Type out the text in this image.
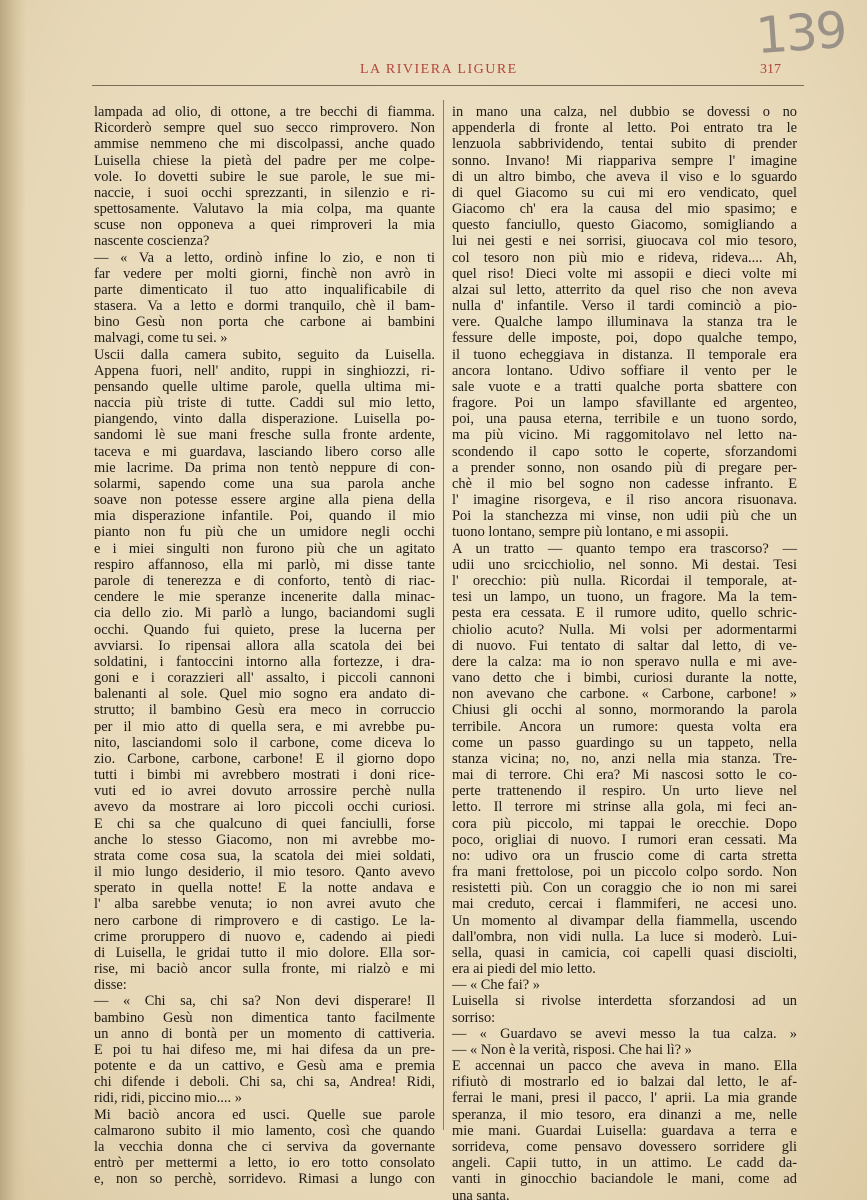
139
LA RIVIERA LIGURE	317
lampada ad olio, di ottone, a tre becchi di fiamma.
Ricorderò sempre quel suo secco rimprovero. Non
ammise nemmeno che mi discolpassi, anche quado
Luisella chiese la pietà del padre per me colpe-
vole. Io dovetti subire le sue parole, le sue mi-
naccie, i suoi occhi sprezzanti, in silenzio e ri-
spettosamente. Valutavo la mia colpa, ma quante
scuse non opponeva a quei rimproveri la mia
nascente coscienza?
— « Va a letto, ordinò infine lo zio, e non ti
far vedere per molti giorni, finchè non avrò in
parte dimenticato il tuo atto inqualificabile di
stasera. Va a letto e dormi tranquilo, chè il bam-
bino Gesù non porta che carbone ai bambini
malvagi, come tu sei. »
Uscii dalla camera subito, seguito da Luisella.
Appena fuori, nell' andito, ruppi in singhiozzi, ri-
pensando quelle ultime parole, quella ultima mi-
naccia più triste di tutte. Caddi sul mio letto,
piangendo, vinto dalla disperazione. Luisella po-
sandomi lè sue mani fresche sulla fronte ardente,
taceva e mi guardava, lasciando libero corso alle
mie lacrime. Da prima non tentò neppure di con-
solarmi, sapendo come una sua parola anche
soave non potesse essere argine alla piena della
mia disperazione infantile. Poi, quando il mio
pianto non fu più che un umidore negli occhi
e i miei singulti non furono più che un agitato
respiro affannoso, ella mi parlò, mi disse tante
parole di tenerezza e di conforto, tentò di riac-
cendere le mie speranze incenerite dalla minac-
cia dello zio. Mi parlò a lungo, baciandomi sugli
occhi. Quando fui quieto, prese la lucerna per
avviarsi. Io ripensai allora alla scatola dei bei
soldatini, i fantoccini intorno alla fortezze, i dra-
goni e i corazzieri all' assalto, i piccoli cannoni
balenanti al sole. Quel mio sogno era andato di-
strutto; il bambino Gesù era meco in corruccio
per il mio atto di quella sera, e mi avrebbe pu-
nito, lasciandomi solo il carbone, come diceva lo
zio. Carbone, carbone, carbone! E il giorno dopo
tutti i bimbi mi avrebbero mostrati i doni rice-
vuti ed io avrei dovuto arrossire perchè nulla
avevo da mostrare ai loro piccoli occhi curiosi.
E chi sa che qualcuno di quei fanciulli, forse
anche lo stesso Giacomo, non mi avrebbe mo-
strata come cosa sua, la scatola dei miei soldati,
il mio lungo desiderio, il mio tesoro. Qanto avevo
sperato in quella notte! E la notte andava e
l' alba sarebbe venuta; io non avrei avuto che
nero carbone di rimprovero e di castigo. Le la-
crime proruppero di nuovo e, cadendo ai piedi
di Luisella, le gridai tutto il mio dolore. Ella sor-
rise, mi baciò ancor sulla fronte, mi rialzò e mi
disse:
— « Chi sa, chi sa? Non devi disperare! Il
bambino Gesù non dimentica tanto facilmente
un anno di bontà per un momento di cattiveria.
E poi tu hai difeso me, mi hai difesa da un pre-
potente e da un cattivo, e Gesù ama e premia
chi difende i deboli. Chi sa, chi sa, Andrea! Ridi,
ridi, ridi, piccino mio.... »
Mi baciò ancora ed usci. Quelle sue parole
calmarono subito il mio lamento, così che quando
la vecchia donna che ci serviva da governante
entrò per mettermi a letto, io ero totto consolato
e, non so perchè, sorridevo. Rimasi a lungo con
in mano una calza, nel dubbio se dovessi o no
appenderla di fronte al letto. Poi entrato tra le
lenzuola sabbrividendo, tentai subito di prender
sonno. Invano! Mi riappariva sempre l' imagine
di un altro bimbo, che aveva il viso e lo sguardo
di quel Giacomo su cui mi ero vendicato, quel
Giacomo ch' era la causa del mio spasimo; e
questo fanciullo, questo Giacomo, somigliando a
lui nei gesti e nei sorrisi, giuocava col mio tesoro,
col tesoro non più mio e rideva, rideva.... Ah,
quel riso! Dieci volte mi assopii e dieci volte mi
alzai sul letto, atterrito da quel riso che non aveva
nulla d' infantile. Verso il tardi cominciò a pio-
vere. Qualche lampo illuminava la stanza tra le
fessure delle imposte, poi, dopo qualche tempo,
il tuono echeggiava in distanza. Il temporale era
ancora lontano. Udivo soffiare il vento per le
sale vuote e a tratti qualche porta sbattere con
fragore. Poi un lampo sfavillante ed argenteo,
poi, una pausa eterna, terribile e un tuono sordo,
ma più vicino. Mi raggomitolavo nel letto na-
scondendo il capo sotto le coperte, sforzandomi
a prender sonno, non osando più di pregare per-
chè il mio bel sogno non cadesse infranto. E
l' imagine risorgeva, e il riso ancora risuonava.
Poi la stanchezza mi vinse, non udii più che un
tuono lontano, sempre più lontano, e mi assopii.
A un tratto — quanto tempo era trascorso? —
udii uno srcicchiolio, nel sonno. Mi destai. Tesi
l' orecchio: più nulla. Ricordai il temporale, at-
tesi un lampo, un tuono, un fragore. Ma la tem-
pesta era cessata. E il rumore udito, quello schric-
chiolio acuto? Nulla. Mi volsi per adormentarmi
di nuovo. Fui tentato di saltar dal letto, di ve-
dere la calza: ma io non speravo nulla e mi ave-
vano detto che i bimbi, curiosi durante la notte,
non avevano che carbone. « Carbone, carbone! »
Chiusi gli occhi al sonno, mormorando la parola
terribile. Ancora un rumore: questa volta era
come un passo guardingo su un tappeto, nella
stanza vicina; no, no, anzi nella mia stanza. Tre-
mai di terrore. Chi era? Mi nascosi sotto le co-
perte trattenendo il respiro. Un urto lieve nel
letto. Il terrore mi strinse alla gola, mi feci an-
cora più piccolo, mi tappai le orecchie. Dopo
poco, origliai di nuovo. I rumori eran cessati. Ma
no: udivo ora un fruscio come di carta stretta
fra mani frettolose, poi un piccolo colpo sordo. Non
resistetti più. Con un coraggio che io non mi sarei
mai creduto, cercai i flammiferi, ne accesi uno.
Un momento al divampar della fiammella, uscendo
dall'ombra, non vidi nulla. La luce si moderò. Lui-
sella, quasi in camicia, coi capelli quasi disciolti,
era ai piedi del mio letto.
— « Che fai? »
Luisella si rivolse interdetta sforzandosi ad un
sorriso:
— « Guardavo se avevi messo la tua calza. »
— « Non è la verità, risposi. Che hai lì? »
E accennai un pacco che aveva in mano. Ella
rifiutò di mostrarlo ed io balzai dal letto, le af-
ferrai le mani, presi il pacco, l' aprii. La mia grande
speranza, il mio tesoro, era dinanzi a me, nelle
mie mani. Guardai Luisella: guardava a terra e
sorrideva, come pensavo dovessero sorridere gli
angeli. Capii tutto, in un attimo. Le cadd da-
vanti in ginocchio baciandole le mani, come ad
una santa.
